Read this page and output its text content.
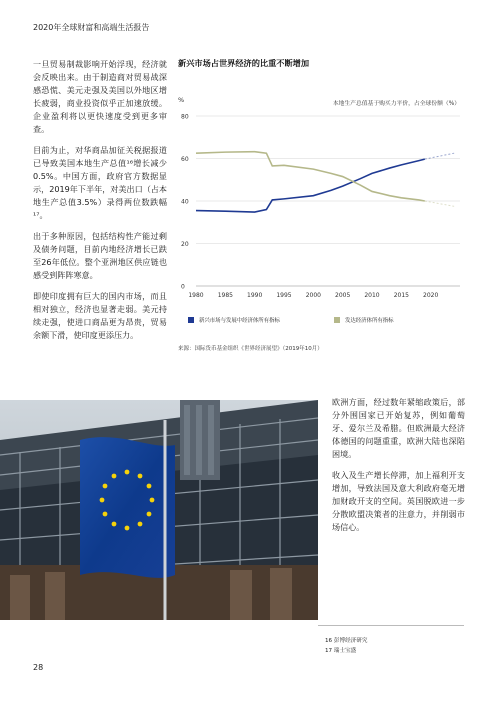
2020年全球财富和高端生活报告

一旦贸易制裁影响开始浮现，经济就会反映出来。由于制造商对贸易战深感恐慌、美元走强及美国以外地区增长疲弱，商业投资似乎正加速放缓。企业盈利将以更快速度受到更多审查。

目前为止，对华商品加征关税据报道已导致美国本地生产总值¹⁶增长减少0.5%。中国方面，政府官方数据显示，2019年下半年，对美出口（占本地生产总值3.5%）录得两位数跌幅¹⁷。

出于多种原因，包括结构性产能过剩及债务问题，目前内地经济增长已跌至26年低位。整个亚洲地区供应链也感受到阵阵寒意。

即使印度拥有巨大的国内市场，而且相对独立，经济也显著走弱。美元持续走强，使进口商品更为昂贵，贸易余额下滑，使印度更添压力。

新兴市场占世界经济的比重不断增加
%	本地生产总值基于购买力平价，占全球份额（%）
0
20
40
60
80
1980 1985 1990 1995 2000 2005 2010 2015 2020
新兴市场与发展中经济体所有指标	发达经济体所有指标
来源：国际货币基金组织《世界经济展望》（2019年10月）

欧洲方面，经过数年紧缩政策后，部分外围国家已开始复苏，例如葡萄牙、爱尔兰及希腊。但欧洲最大经济体德国的问题重重，欧洲大陆也深陷困境。

收入及生产增长停滞，加上福利开支增加，导致法国及意大利政府毫无增加财政开支的空间。英国脱欧进一步分散欧盟决策者的注意力，并削弱市场信心。

16 彭博经济研究
17 瑞士宝盛
28
